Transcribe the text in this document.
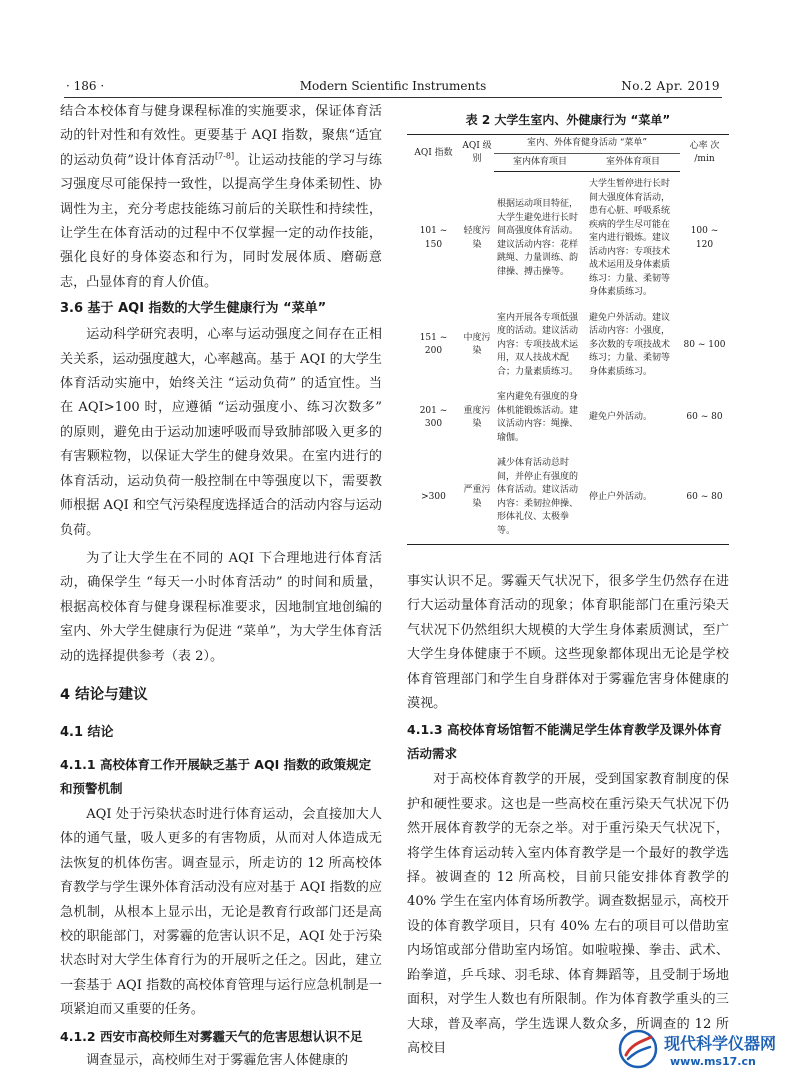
Modern Scientific Instruments
· 186 ·	No.2 Apr. 2019

结合本校体育与健身课程标准的实施要求，保证体育活动的针对性和有效性。更要基于 AQI 指数，聚焦“适宜的运动负荷”设计体育活动[7-8]。让运动技能的学习与练习强度尽可能保持一致性，以提高学生身体柔韧性、协调性为主，充分考虑技能练习前后的关联性和持续性，让学生在体育活动的过程中不仅掌握一定的动作技能，强化良好的身体姿态和行为，同时发展体质、磨砺意志，凸显体育的育人价值。

3.6 基于 AQI 指数的大学生健康行为 “菜单”

运动科学研究表明，心率与运动强度之间存在正相关关系，运动强度越大，心率越高。基于 AQI 的大学生体育活动实施中，始终关注 “运动负荷” 的适宜性。当在 AQI>100 时，应遵循 “运动强度小、练习次数多” 的原则，避免由于运动加速呼吸而导致肺部吸入更多的有害颗粒物，以保证大学生的健身效果。在室内进行的体育活动，运动负荷一般控制在中等强度以下，需要教师根据 AQI 和空气污染程度选择适合的活动内容与运动负荷。

为了让大学生在不同的 AQI 下合理地进行体育活动，确保学生 “每天一小时体育活动” 的时间和质量，根据高校体育与健身课程标准要求，因地制宜地创编的室内、外大学生健康行为促进 “菜单”，为大学生体育活动的选择提供参考（表 2）。

4 结论与建议
4.1 结论
4.1.1 高校体育工作开展缺乏基于 AQI 指数的政策规定和预警机制

AQI 处于污染状态时进行体育运动，会直接加大人体的通气量，吸人更多的有害物质，从而对人体造成无法恢复的机体伤害。调查显示，所走访的 12 所高校体育教学与学生课外体育活动没有应对基于 AQI 指数的应急机制，从根本上显示出，无论是教育行政部门还是高校的职能部门，对雾霾的危害认识不足，AQI 处于污染状态时对大学生体育行为的开展听之任之。因此，建立一套基于 AQI 指数的高校体育管理与运行应急机制是一项紧迫而又重要的任务。

4.1.2 西安市高校师生对雾霾天气的危害思想认识不足

调查显示，高校师生对于雾霾危害人体健康的

表 2 大学生室内、外健康行为 “菜单”
AQI 指数	AQI 级别	室内、外体育健身活动 “菜单”		心率 次 /min
		室内体育项目	室外体育项目	
101 ~ 150	轻度污染	根据运动项目特征，大学生避免进行长时间高强度体育活动。建议活动内容：花样跳绳、力量训练、韵律操、搏击操等。	大学生暂停进行长时间大强度体育活动，患有心脏、呼吸系统疾病的学生尽可能在室内进行锻炼。建议活动内容：专项技术战术运用及身体素质练习：力量、柔韧等身体素质练习。	100 ~ 120
151 ~ 200	中度污染	室内开展各专项低强度的活动。建议活动内容：专项技战术运用，双人技战术配合；力量素质练习。	避免户外活动。建议活动内容：小强度，多次数的专项技战术练习；力量、柔韧等身体素质练习。	80 ~ 100
201 ~ 300	重度污染	室内避免有强度的身体机能锻炼活动。建议活动内容：绳操、瑜伽。	避免户外活动。	60 ~ 80
>300	严重污染	减少体育活动总时间，并停止有强度的体育活动。建议活动内容：柔韧拉伸操、形体礼仪、太极拳等。	停止户外活动。	60 ~ 80

事实认识不足。雾霾天气状况下，很多学生仍然存在进行大运动量体育活动的现象；体育职能部门在重污染天气状况下仍然组织大规模的大学生身体素质测试，至广大学生身体健康于不顾。这些现象都体现出无论是学校体育管理部门和学生自身群体对于雾霾危害身体健康的漠视。

4.1.3 高校体育场馆暂不能满足学生体育教学及课外体育活动需求

对于高校体育教学的开展，受到国家教育制度的保护和硬性要求。这也是一些高校在重污染天气状况下仍然开展体育教学的无奈之举。对于重污染天气状况下，将学生体育运动转入室内体育教学是一个最好的教学选择。被调查的 12 所高校，目前只能安排体育教学的 40% 学生在室内体育场所教学。调查数据显示，高校开设的体育教学项目，只有 40% 左右的项目可以借助室内场馆或部分借助室内场馆。如啦啦操、拳击、武术、跆拳道，乒乓球、羽毛球、体育舞蹈等，且受制于场地面积，对学生人数也有所限制。作为体育教学重头的三大球，普及率高，学生选课人数众多，所调查的 12 所高校目	现代科学仪器网
www.ms17.cn
